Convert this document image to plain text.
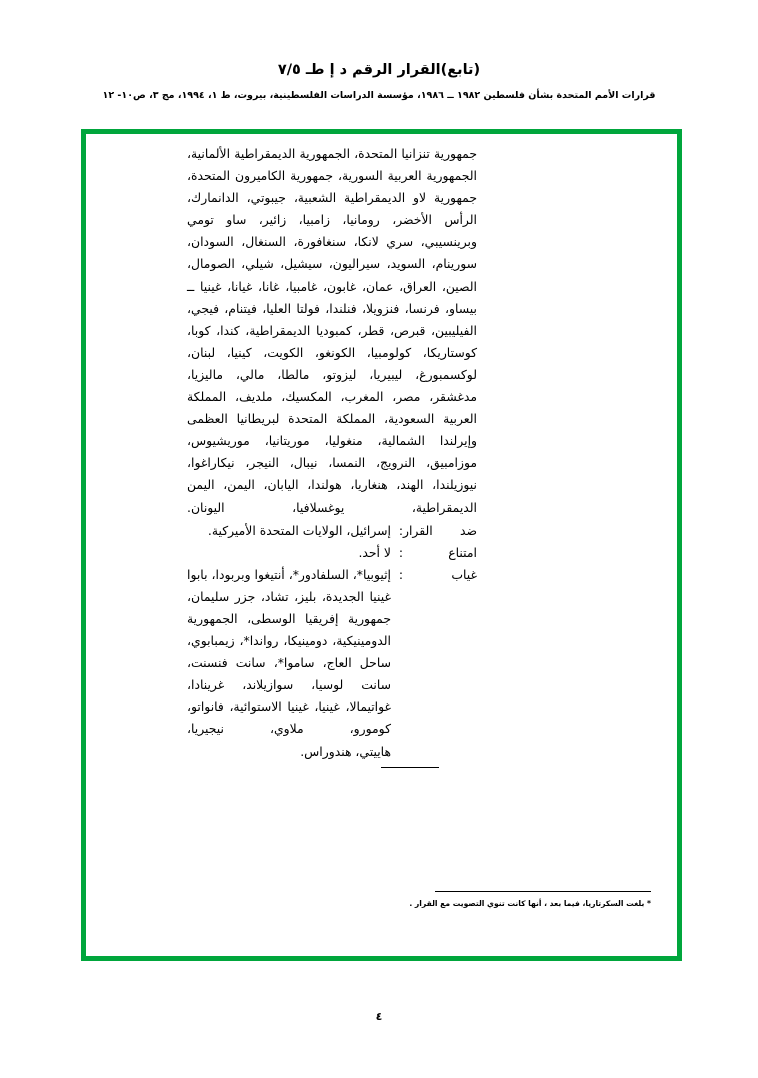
(تابع)القرار الرقم د إ ط‍ـ ٧/٥
قرارات الأمم المتحدة بشأن فلسطين ١٩٨٢ ــ ١٩٨٦، مؤسسة الدراسات الفلسطينية، بيروت، ط ١، ١٩٩٤، مج ٣، ص١٠- ١٢

جمهورية تنزانيا المتحدة، الجمهورية الديمقراطية الألمانية، الجمهورية العربية السورية، جمهورية الكاميرون المتحدة، جمهورية لاو الديمقراطية الشعبية، جيبوتي، الدانمارك، الرأس الأخضر، رومانيا، زامبيا، زائير، ساو تومي وبرينسيبي، سري لانكا، سنغافورة، السنغال، السودان، سورينام، السويد، سيراليون، سيشيل، شيلي، الصومال، الصين، العراق، عمان، غابون، غامبيا، غانا، غيانا، غينيا ــ بيساو، فرنسا، فنزويلا، فنلندا، فولتا العليا، فيتنام، فيجي، الفيليبين، قبرص، قطر، كمبوديا الديمقراطية، كندا، كوبا، كوستاريكا، كولومبيا، الكونغو، الكويت، كينيا، لبنان، لوكسمبورغ، ليبيريا، ليزوتو، مالطا، مالي، ماليزيا، مدغشقر، مصر، المغرب، المكسيك، ملديف، المملكة العربية السعودية، المملكة المتحدة لبريطانيا العظمى وإيرلندا الشمالية، منغوليا، موريتانيا، موريشيوس، موزامبيق، النرويج، النمسا، نيبال، النيجر، نيكاراغوا، نيوزيلندا، الهند، هنغاريا، هولندا، اليابان، اليمن، اليمن الديمقراطية، يوغسلافيا، اليونان.

ضد
القرار
:
إسرائيل، الولايات المتحدة الأميركية.
امتناع
:
لا أحد.
غياب
:
إثيوبيا*، السلفادور*، أنتيغوا وبربودا، بابوا غينيا الجديدة، بليز، تشاد، جزر سليمان، جمهورية إفريقيا الوسطى، الجمهورية الدومينيكية، دومينيكا، رواندا*، زيمبابوي، ساحل العاج، ساموا*، سانت فنسنت، سانت لوسيا، سوازيلاند، غرينادا، غواتيمالا، غينيا، غينيا الاستوائية، فانواتو، كومورو، ملاوي، نيجيريا،
هاييتي، هندوراس.
* بلغت السكرتاريا، فيما بعد ، أنها كانت تنوي التصويت مع القرار .
٤
